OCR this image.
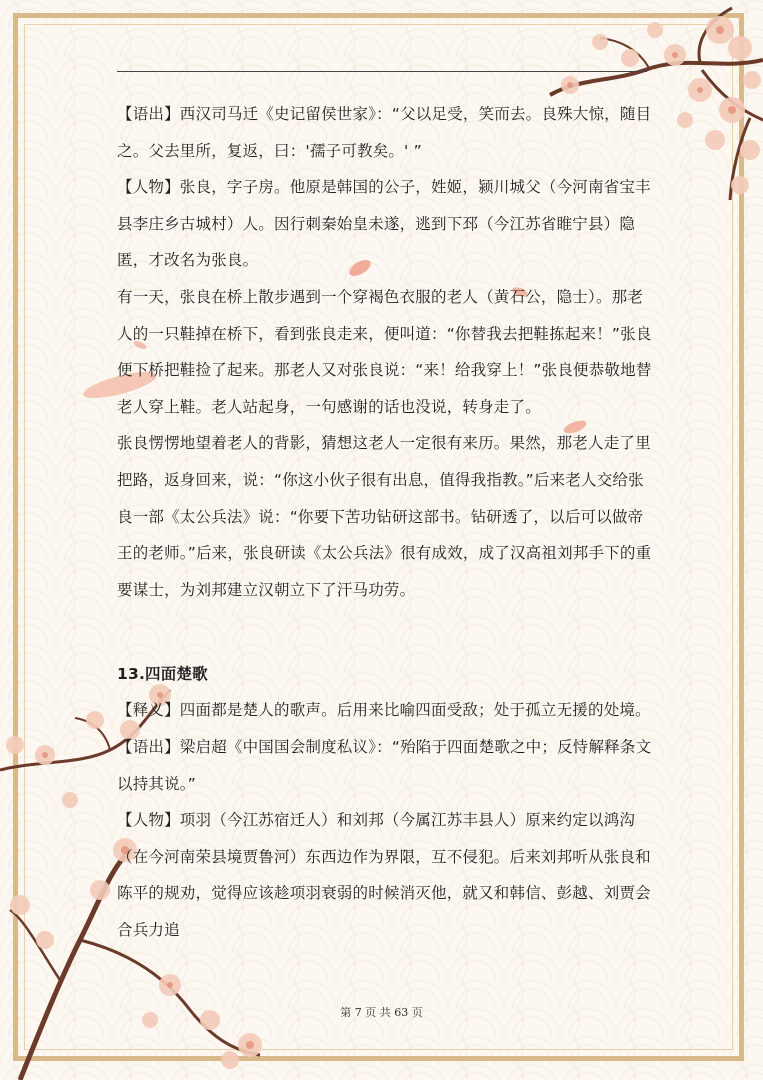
【语出】西汉司马迁《史记留侯世家》：“父以足受，笑而去。良殊大惊，随目之。父去里所，复返，曰：'孺子可教矣。' ”

【人物】张良，字子房。他原是韩国的公子，姓姬，颍川城父（今河南省宝丰县李庄乡古城村）人。因行刺秦始皇未遂，逃到下邳（今江苏省睢宁县）隐匿，才改名为张良。

有一天，张良在桥上散步遇到一个穿褐色衣服的老人（黄石公，隐士）。那老人的一只鞋掉在桥下，看到张良走来，便叫道：“你替我去把鞋拣起来！”张良便下桥把鞋捡了起来。那老人又对张良说：“来！给我穿上！”张良便恭敬地替老人穿上鞋。老人站起身，一句感谢的话也没说，转身走了。

张良愣愣地望着老人的背影，猜想这老人一定很有来历。果然，那老人走了里把路，返身回来，说：“你这小伙子很有出息，值得我指教。”后来老人交给张良一部《太公兵法》说：“你要下苦功钻研这部书。钻研透了，以后可以做帝王的老师。”后来，张良研读《太公兵法》很有成效，成了汉高祖刘邦手下的重要谋士，为刘邦建立汉朝立下了汗马功劳。

13.四面楚歌

【释义】四面都是楚人的歌声。后用来比喻四面受敌；处于孤立无援的处境。

【语出】梁启超《中国国会制度私议》：“殆陷于四面楚歌之中；反恃解释条文以持其说。”

【人物】项羽（今江苏宿迁人）和刘邦（今属江苏丰县人）原来约定以鸿沟（在今河南荣县境贾鲁河）东西边作为界限，互不侵犯。后来刘邦听从张良和陈平的规劝，觉得应该趁项羽衰弱的时候消灭他，就又和韩信、彭越、刘贾会合兵力追

第 7 页 共 63 页
